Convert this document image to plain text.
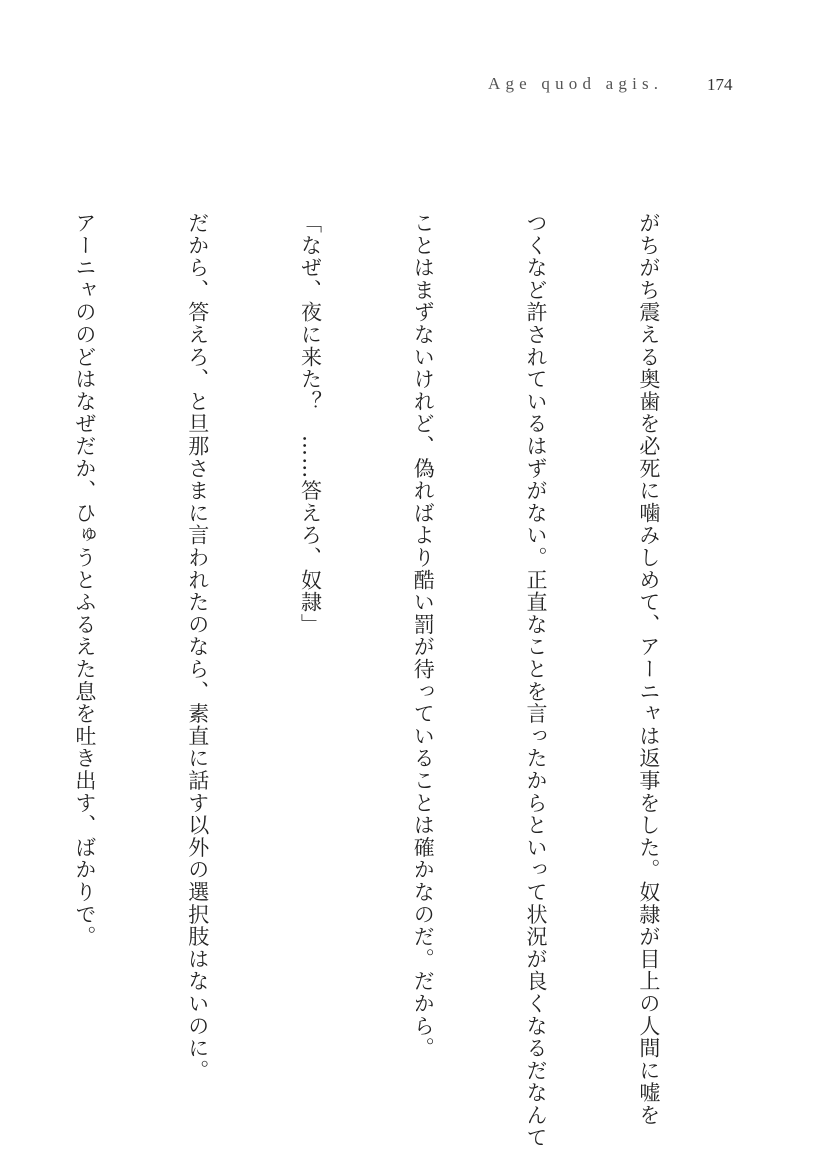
Age quod agis.	174

がちがち震える奥歯を必死に噛みしめて、アーニャは返事をした。奴隷が目上の人間に嘘を

つくなど許されているはずがない。正直なことを言ったからといって状況が良くなるだなんて

ことはまずないけれど、偽ればより酷い罰が待っていることは確かなのだ。だから。

「なぜ、夜に来た？　……答えろ、奴隷」

だから、答えろ、と旦那さまに言われたのなら、素直に話す以外の選択肢はないのに。

アーニャののどはなぜだか、ひゅうとふるえた息を吐き出す、ばかりで。
